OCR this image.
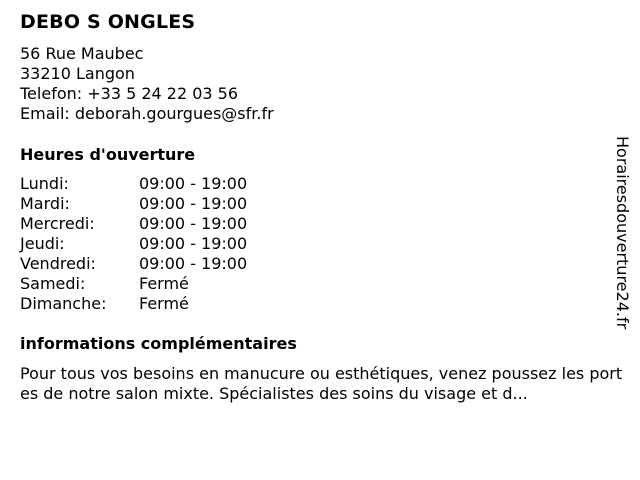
DEBO S ONGLES
56 Rue Maubec
33210 Langon
Telefon: +33 5 24 22 03 56
Email: deborah.gourgues@sfr.fr
Heures d'ouverture
Lundi:	09:00 - 19:00
Mardi:	09:00 - 19:00
Mercredi:	09:00 - 19:00
Jeudi:	09:00 - 19:00
Vendredi:	09:00 - 19:00
Samedi:	Fermé
Dimanche: Fermé
informations complémentaires

Pour tous vos besoins en manucure ou esthétiques, venez poussez les portes de notre salon mixte. Spécialistes des soins du visage et d...

Horairesdouverture24.fr
